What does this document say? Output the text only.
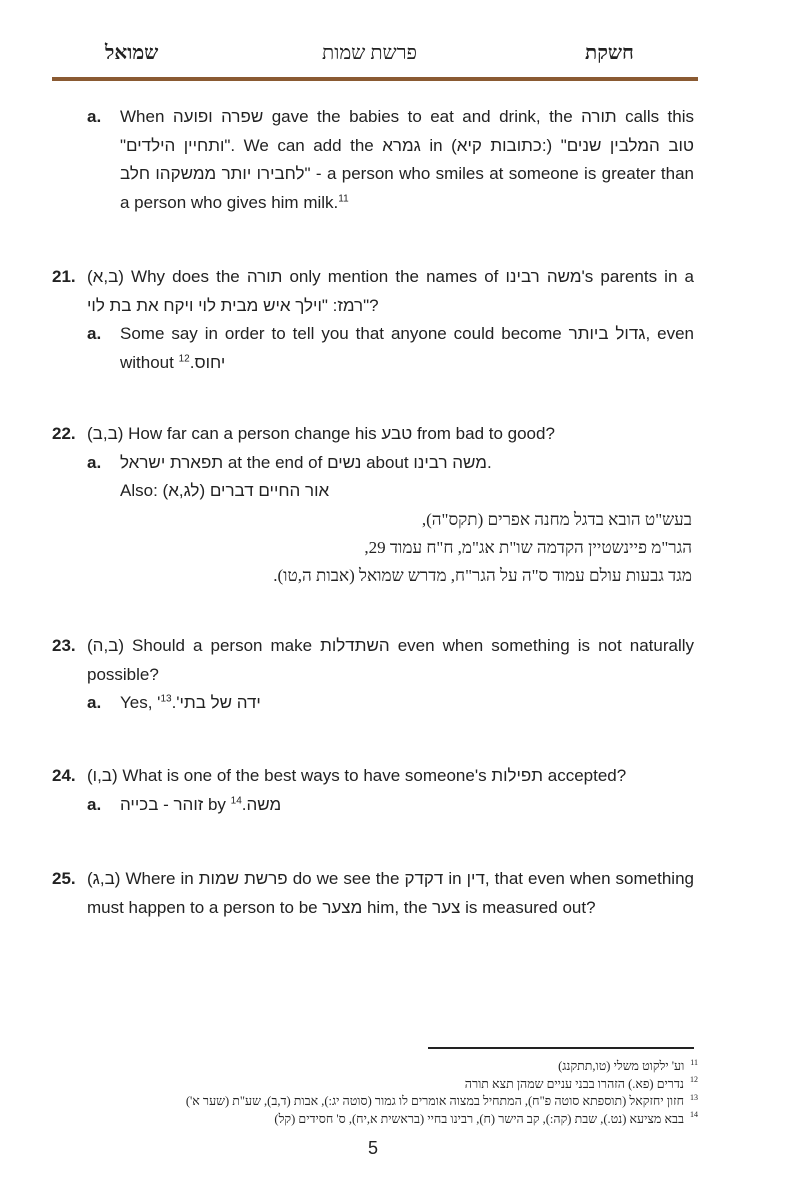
שמואל	פרשת שמות	חשקת
a.	When שפרה ופועה gave the babies to eat and drink, the תורה calls this "ותחיין הילדים". We can add the גמרא in (כתובות קיא:) "טוב המלבין שנים לחבירו יותר ממשקהו חלב" - a person who smiles at someone is greater than a person who gives him milk.$^{11}$
21. (ב,א) Why does the תורה only mention the names of משה רבינו's parents in a רמז: "וילך איש מבית לוי ויקח את בת לוי"?
a.	Some say in order to tell you that anyone could become גדול ביותר, even without יחוס.$^{12}$
22. (ב,ב) How far can a person change his טבע from bad to good?
a.	תפארת ישראל at the end of נשים about משה רבינו.
Also: (לג,א) אור החיים דברים
בעש"ט הובא בדגל מחנה אפרים (תקס"ה),
הגר"מ פיינשטיין הקדמה שו"ת אג"מ, ח"ח עמוד 29,
מגד גבעות עולם עמוד ס"ה על הגר"ח, מדרש שמואל (אבות ה,טו).
23. (ב,ה) Should a person make השתדלות even when something is not naturally possible?
a.	Yes, 'ידה של בתי'.$^{13}$
24. (ב,ו) What is one of the best ways to have someone's תפילות accepted?
a.	זוהר - בכייה by משה.$^{14}$
25. (ב,ג) Where in פרשת שמות do we see the דקדק in דין, that even when something must happen to a person to be מצער him, the צער is measured out?
$^{11}$וע' ילקוט משלי (טו,תתקנג)
$^{12}$נדרים (פא.) הזהרו בבני עניים שמהן תצא תורה
$^{13}$חזון יחזקאל (תוספתא סוטה פ"ח), המתחיל במצוה אומרים לו גמור (סוטה יג:), אבות (ד,ב), שע"ת (שער א')
$^{14}$בבא מציעא (נט.), שבת (קה:), קב הישר (ח), רבינו בחיי (בראשית א,יח), ס' חסידים (קל)
5
